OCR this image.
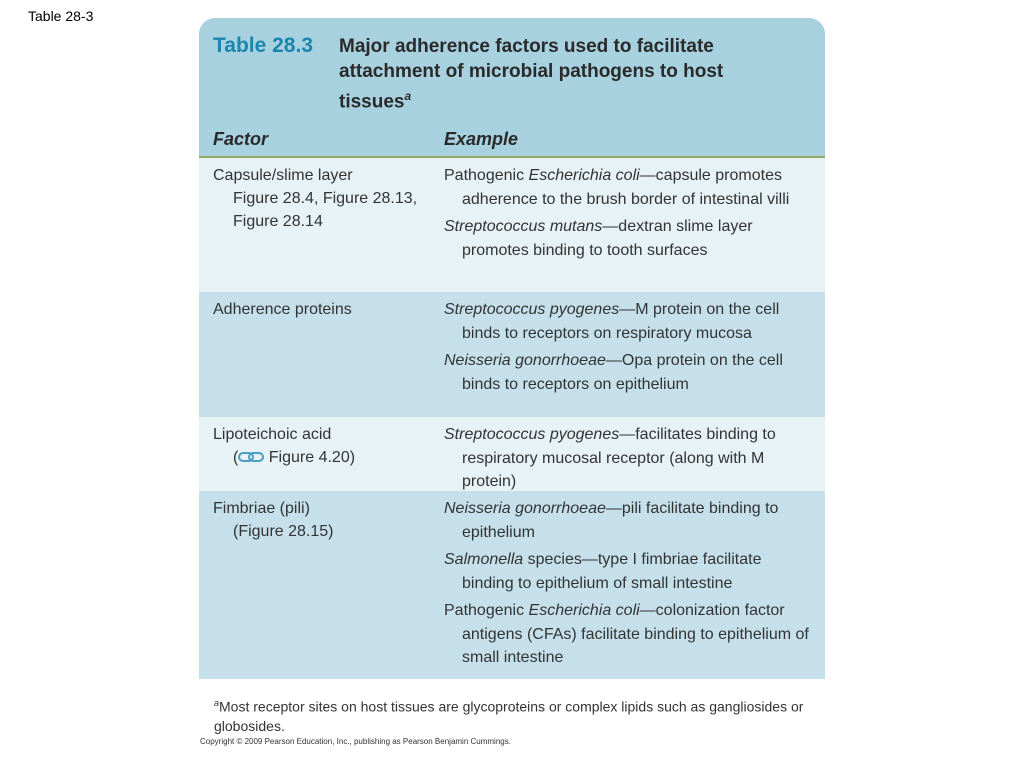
Table 28-3
Table 28.3 Major adherence factors used to facilitate attachment of microbial pathogens to host tissues$^a$
Factor	Example
Capsule/slime layer
Figure 28.4, Figure 28.13, Figure 28.14

Pathogenic Escherichia coli—capsule promotes adherence to the brush border of intestinal villi

Streptococcus mutans—dextran slime layer promotes binding to tooth surfaces

Adherence proteins	Streptococcus pyogenes—M protein on the cell binds to receptors on respiratory mucosa

Neisseria gonorrhoeae—Opa protein on the cell binds to receptors on epithelium

Lipoteichoic acid
( Figure 4.20)

Streptococcus pyogenes—facilitates binding to respiratory mucosal receptor (along with M protein)

Fimbriae (pili)
(Figure 28.15)

Neisseria gonorrhoeae—pili facilitate binding to epithelium

Salmonella species—type I fimbriae facilitate binding to epithelium of small intestine

Pathogenic Escherichia coli—colonization factor antigens (CFAs) facilitate binding to epithelium of small intestine

$^a$Most receptor sites on host tissues are glycoproteins or complex lipids such as gangliosides or globosides.
Copyright © 2009 Pearson Education, Inc., publishing as Pearson Benjamin Cummings.
